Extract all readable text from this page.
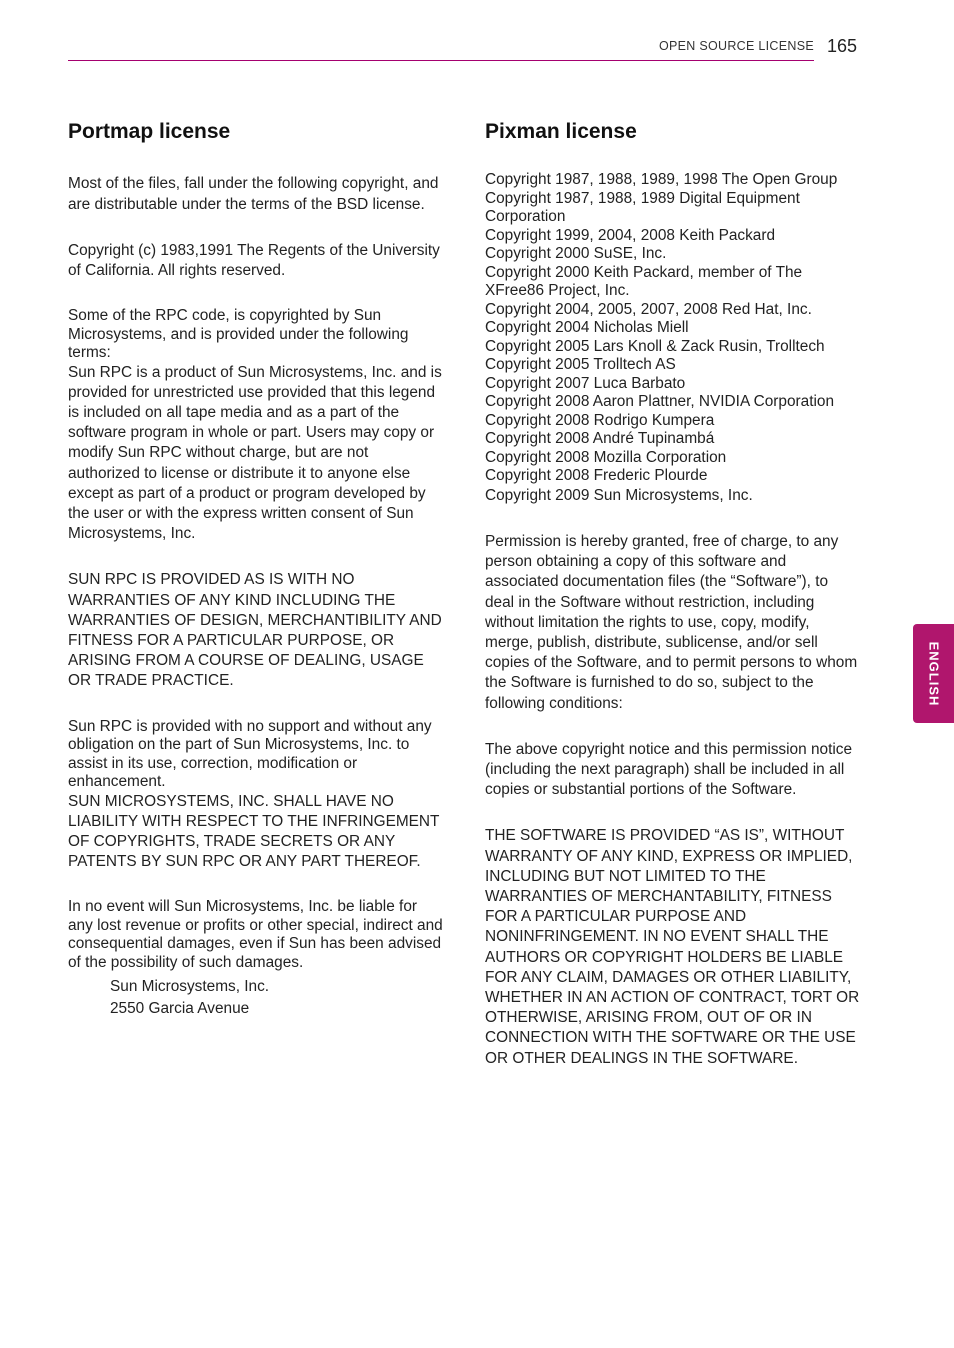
OPEN SOURCE LICENSE 165
ENGLISH
Portmap license

Most of the files, fall under the following copyright, and are distributable under the terms of the BSD license.

Copyright (c) 1983,1991 The Regents of the University of California. All rights reserved.

Some of the RPC code, is copyrighted by Sun Microsystems, and is provided under the following terms:

Sun RPC is a product of Sun Microsystems, Inc. and is provided for unrestricted use provided that this legend is included on all tape media and as a part of the software program in whole or part. Users may copy or modify Sun RPC without charge, but are not authorized to license or distribute it to anyone else except as part of a product or program developed by the user or with the express written consent of Sun Microsystems, Inc.

SUN RPC IS PROVIDED AS IS WITH NO WARRANTIES OF ANY KIND INCLUDING THE WARRANTIES OF DESIGN, MERCHANTIBILITY AND FITNESS FOR A PARTICULAR PURPOSE, OR ARISING FROM A COURSE OF DEALING, USAGE OR TRADE PRACTICE.

Sun RPC is provided with no support and without any obligation on the part of Sun Microsystems, Inc. to assist in its use, correction, modification or enhancement.

SUN MICROSYSTEMS, INC. SHALL HAVE NO LIABILITY WITH RESPECT TO THE INFRINGEMENT OF COPYRIGHTS, TRADE SECRETS OR ANY PATENTS BY SUN RPC OR ANY PART THEREOF.

In no event will Sun Microsystems, Inc. be liable for any lost revenue or profits or other special, indirect and consequential damages, even if Sun has been advised of the possibility of such damages.

Sun Microsystems, Inc.

2550 Garcia Avenue

Pixman license

Copyright 1987, 1988, 1989, 1998 The Open Group

Copyright 1987, 1988, 1989 Digital Equipment Corporation

Copyright 1999, 2004, 2008 Keith Packard

Copyright 2000 SuSE, Inc.

Copyright 2000 Keith Packard, member of The XFree86 Project, Inc.

Copyright 2004, 2005, 2007, 2008 Red Hat, Inc.

Copyright 2004 Nicholas Miell

Copyright 2005 Lars Knoll & Zack Rusin, Trolltech

Copyright 2005 Trolltech AS

Copyright 2007 Luca Barbato

Copyright 2008 Aaron Plattner, NVIDIA Corporation

Copyright 2008 Rodrigo Kumpera

Copyright 2008 André Tupinambá

Copyright 2008 Mozilla Corporation

Copyright 2008 Frederic Plourde

Copyright 2009 Sun Microsystems, Inc.

Permission is hereby granted, free of charge, to any person obtaining a copy of this software and associated documentation files (the “Software”), to deal in the Software without restriction, including without limitation the rights to use, copy, modify, merge, publish, distribute, sublicense, and/or sell copies of the Software, and to permit persons to whom the Software is furnished to do so, subject to the following conditions:

The above copyright notice and this permission notice (including the next paragraph) shall be included in all copies or substantial portions of the Software.

THE SOFTWARE IS PROVIDED “AS IS”, WITHOUT WARRANTY OF ANY KIND, EXPRESS OR IMPLIED, INCLUDING BUT NOT LIMITED TO THE WARRANTIES OF MERCHANTABILITY, FITNESS FOR A PARTICULAR PURPOSE AND NONINFRINGEMENT. IN NO EVENT SHALL THE AUTHORS OR COPYRIGHT HOLDERS BE LIABLE FOR ANY CLAIM, DAMAGES OR OTHER LIABILITY, WHETHER IN AN ACTION OF CONTRACT, TORT OR OTHERWISE, ARISING FROM, OUT OF OR IN CONNECTION WITH THE SOFTWARE OR THE USE OR OTHER DEALINGS IN THE SOFTWARE.
